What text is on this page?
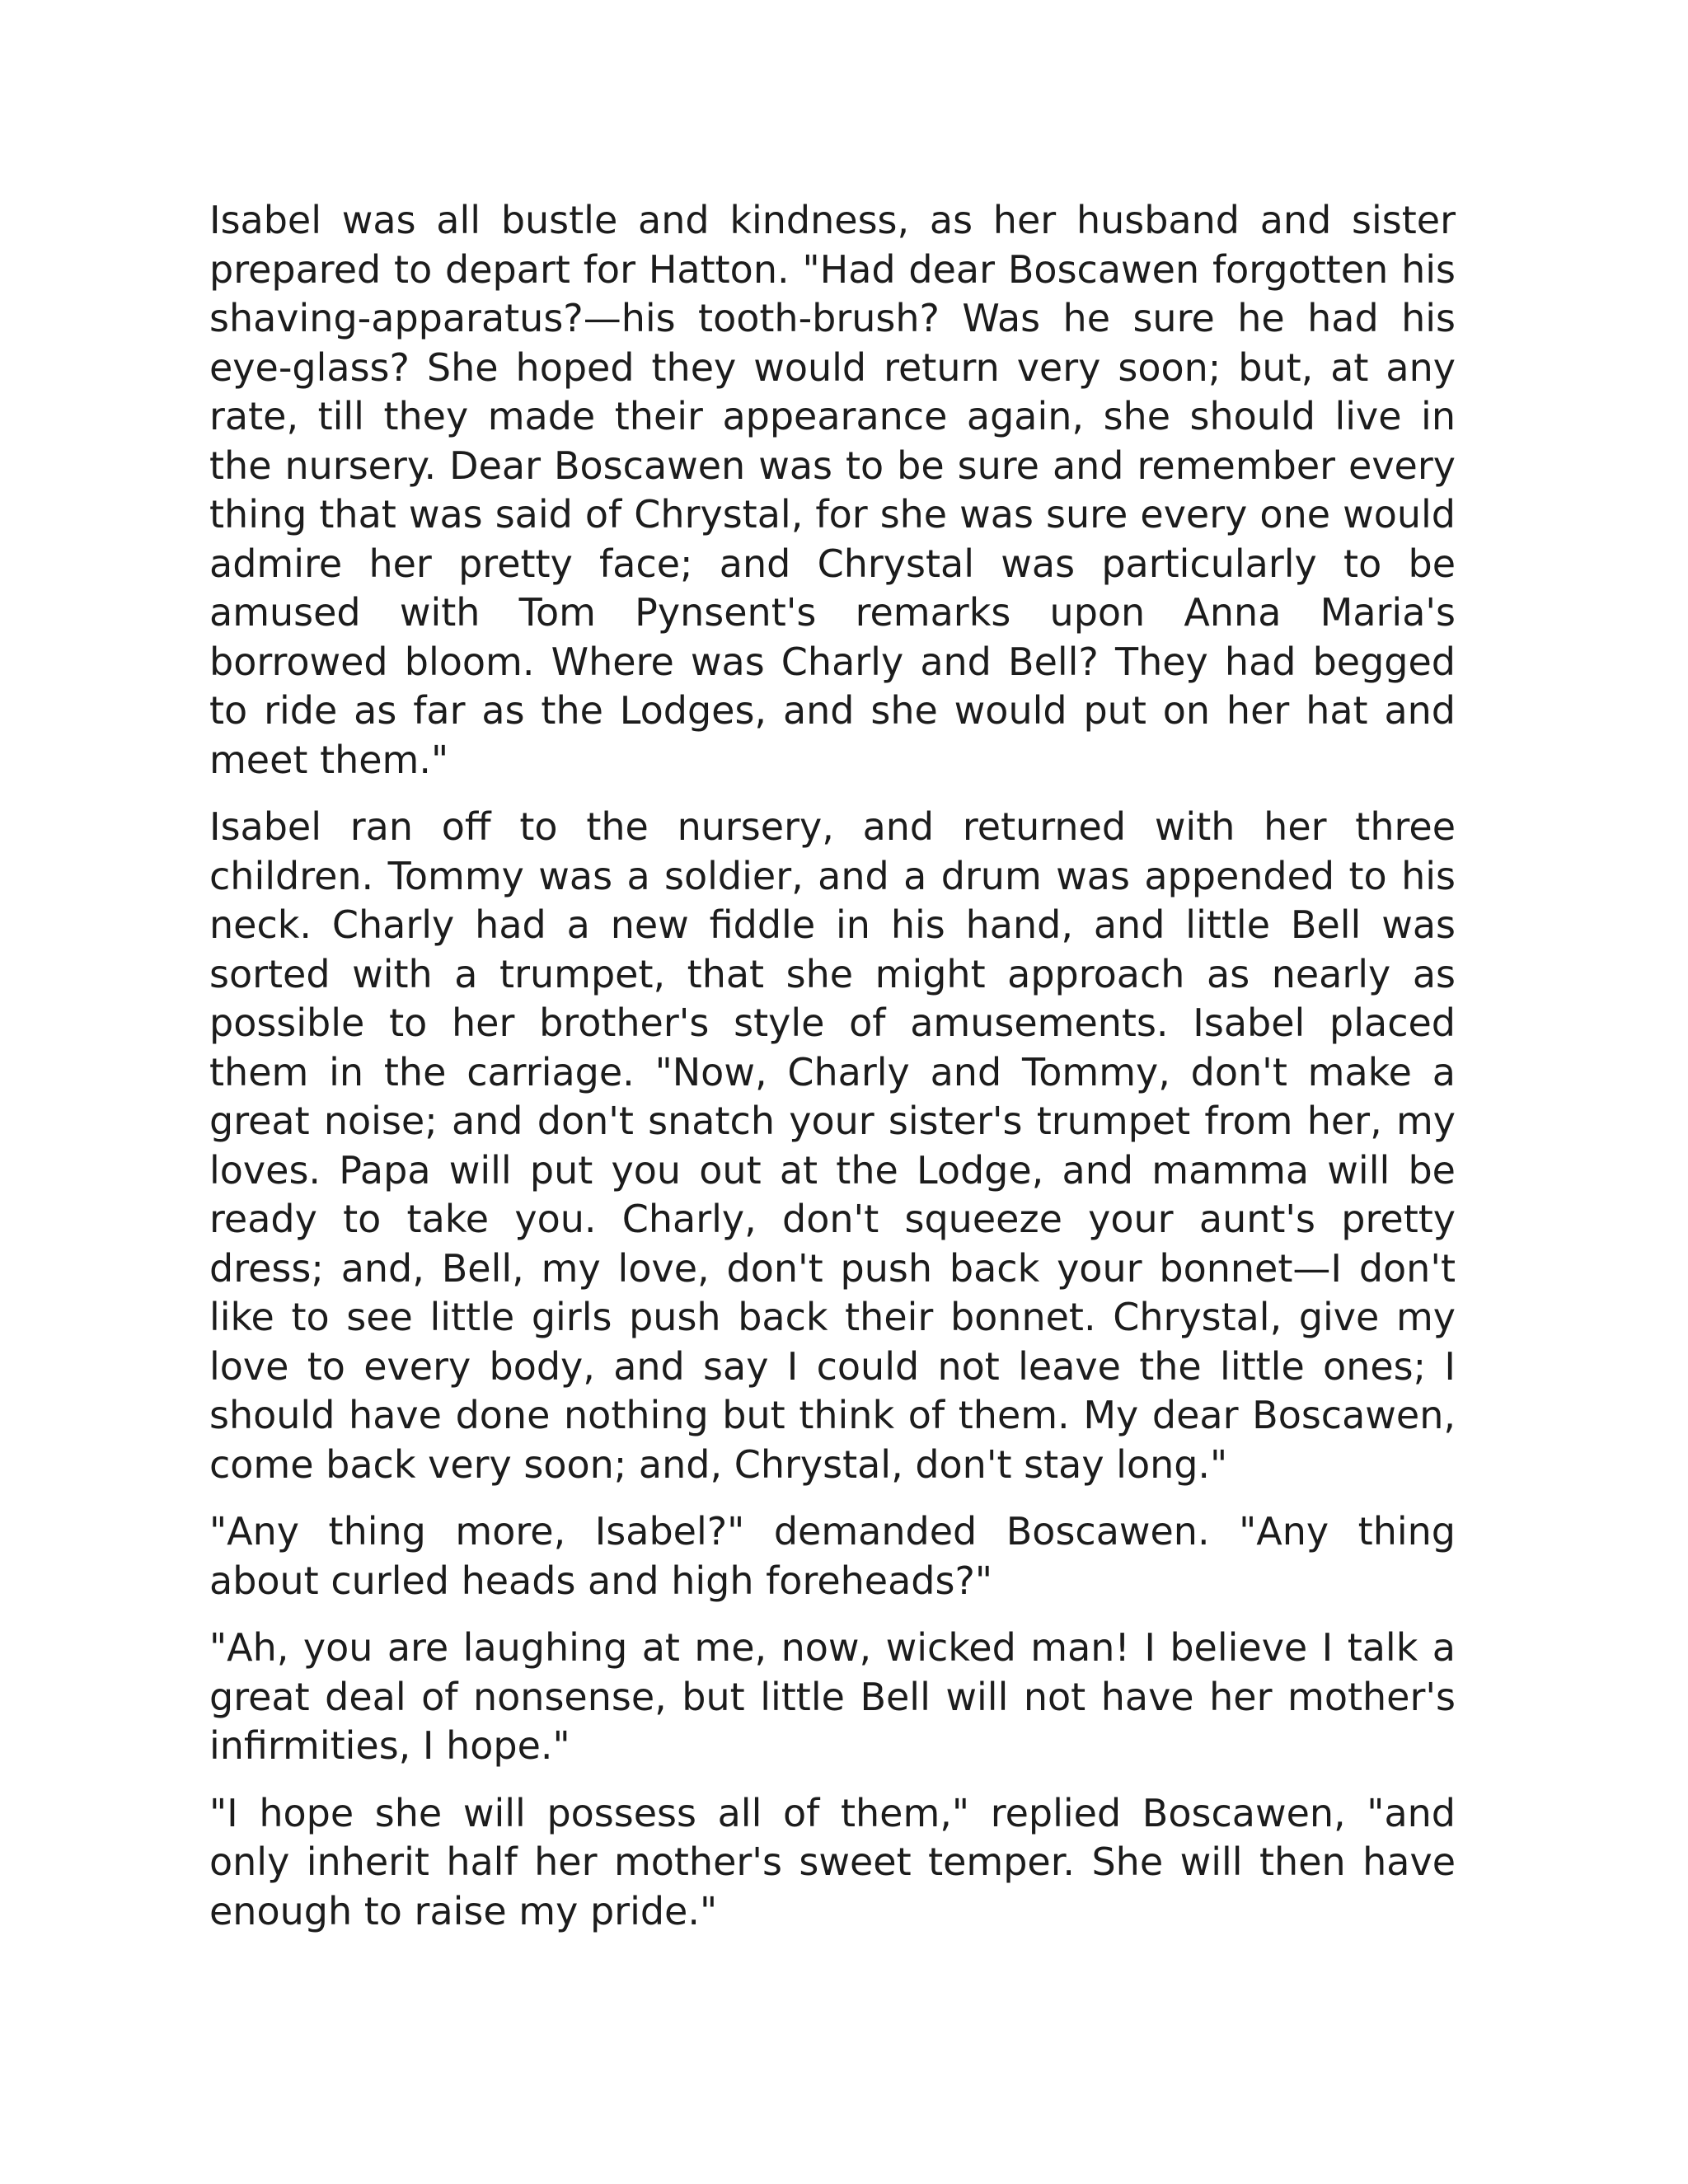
Isabel was all bustle and kindness, as her husband and sister prepared to depart for Hatton. "Had dear Boscawen forgotten his shaving-apparatus?—his tooth-brush? Was he sure he had his eye-glass? She hoped they would return very soon; but, at any rate, till they made their appearance again, she should live in the nursery. Dear Boscawen was to be sure and remember every thing that was said of Chrystal, for she was sure every one would admire her pretty face; and Chrystal was particularly to be amused with Tom Pynsent's remarks upon Anna Maria's borrowed bloom. Where was Charly and Bell? They had begged to ride as far as the Lodges, and she would put on her hat and meet them."

Isabel ran off to the nursery, and returned with her three children. Tommy was a soldier, and a drum was appended to his neck. Charly had a new fiddle in his hand, and little Bell was sorted with a trumpet, that she might approach as nearly as possible to her brother's style of amusements. Isabel placed them in the carriage. "Now, Charly and Tommy, don't make a great noise; and don't snatch your sister's trumpet from her, my loves. Papa will put you out at the Lodge, and mamma will be ready to take you. Charly, don't squeeze your aunt's pretty dress; and, Bell, my love, don't push back your bonnet—I don't like to see little girls push back their bonnet. Chrystal, give my love to every body, and say I could not leave the little ones; I should have done nothing but think of them. My dear Boscawen, come back very soon; and, Chrystal, don't stay long."

"Any thing more, Isabel?" demanded Boscawen. "Any thing about curled heads and high foreheads?"

"Ah, you are laughing at me, now, wicked man! I believe I talk a great deal of nonsense, but little Bell will not have her mother's infirmities, I hope."

"I hope she will possess all of them," replied Boscawen, "and only inherit half her mother's sweet temper. She will then have enough to raise my pride."
